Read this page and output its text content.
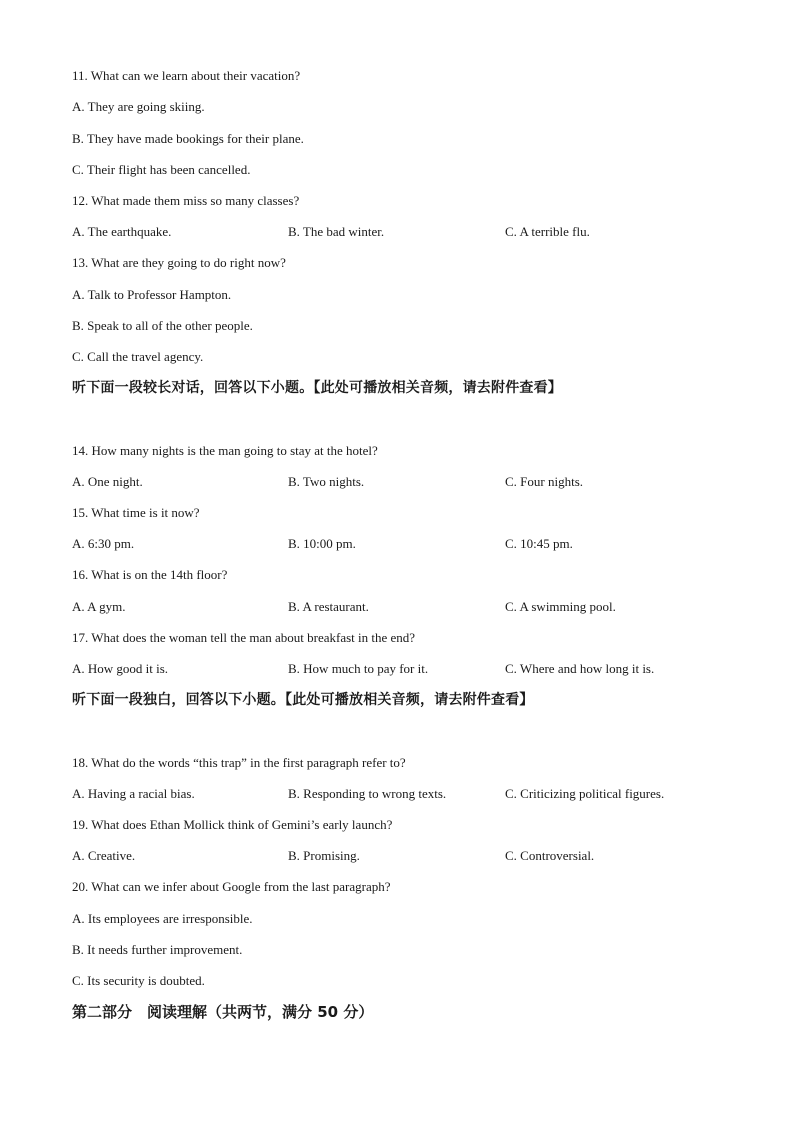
11. What can we learn about their vacation?
A. They are going skiing.
B. They have made bookings for their plane.
C. Their flight has been cancelled.
12. What made them miss so many classes?
A. The earthquake.	B. The bad winter.	C. A terrible flu.
13. What are they going to do right now?
A. Talk to Professor Hampton.
B. Speak to all of the other people.
C. Call the travel agency.
听下面一段较长对话，回答以下小题。【此处可播放相关音频，请去附件查看】
14. How many nights is the man going to stay at the hotel?
A. One night.	B. Two nights.	C. Four nights.
15. What time is it now?
A. 6:30 pm.	B. 10:00 pm.	C. 10:45 pm.
16. What is on the 14th floor?
A. A gym.	B. A restaurant.	C. A swimming pool.
17. What does the woman tell the man about breakfast in the end?
A. How good it is.	B. How much to pay for it.	C. Where and how long it is.
听下面一段独白，回答以下小题。【此处可播放相关音频，请去附件查看】
18. What do the words “this trap” in the first paragraph refer to?
A. Having a racial bias.	B. Responding to wrong texts.	C. Criticizing political figures.
19. What does Ethan Mollick think of Gemini’s early launch?
A. Creative.	B. Promising.	C. Controversial.
20. What can we infer about Google from the last paragraph?
A. Its employees are irresponsible.
B. It needs further improvement.
C. Its security is doubted.
第二部分　阅读理解（共两节，满分 50 分）
